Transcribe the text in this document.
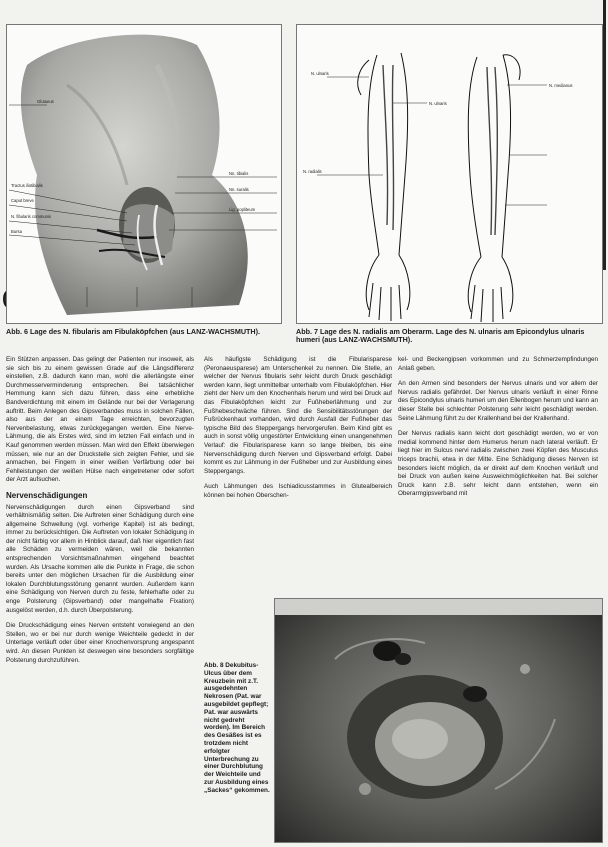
Glutaeus
Tractus iliotibialis
Caput breve
N. fibularis communis
Bursa
Nn. tibialis
Nn. suralis
Lig. popliteum
Abb. 6 Lage des N. fibularis am Fibulaköpfchen (aus LANZ-WACHSMUTH).
N. ulnaris
N. ulnaris
N. radialis
N. medianus
Abb. 7 Lage des N. radialis am Oberarm. Lage des N. ulnaris am Epicondylus ulnaris humeri (aus LANZ-WACHSMUTH).

Ein Stützen anpassen. Das gelingt der Patienten nur insoweit, als sie sich bis zu einem gewissen Grade auf die Längsdifferenz einstellen, z.B. dadurch kann man, wohl die allerlängste einer Durchmesserverminderung entsprechen. Bei tatsächlicher Hemmung kann sich dazu führen, dass eine erhebliche Bandverdichtung mit einem im Gelände nur bei der Verlagerung auftritt. Beim Anlegen des Gipsverbandes muss in solchen Fällen, also aus der an einem Tage erreichten, bevorzugten Nervenbelastung, etwas zurückgegangen werden. Eine Nerve-Lähmung, die als Erstes wird, sind im letzten Fall einfach und in Kauf genommen werden müssen. Man wird den Effekt überwiegen müssen, wie nur an der Druckstelle sich zeigten Fehler, und sie anmachen, bei Fingern in einer weißen Verfärbung oder bei Fehlleistungen der weißen Hülse nach eingetretener oder sofort der Arzt aufsuchen.

Nervenschädigungen

Nervenschädigungen durch einen Gipsverband sind verhältnismäßig selten. Die Auftreten einer Schädigung durch eine allgemeine Schwellung (vgl. vorherige Kapitel) ist als bedingt, immer zu berücksichtigen. Die Auftreten von lokaler Schädigung in der nicht färbig vor allem in Hinblick darauf, daß hier eigentlich fast alle Schäden zu vermeiden wären, weil die bekannten entsprechenden Vorsichtsmaßnahmen eingehend beachtet wurden. Als Ursache kommen alle die Punkte in Frage, die schon bereits unter den möglichen Ursachen für die Ausbildung einer lokalen Durchblutungsstörung genannt wurden. Außerdem kann eine Schädigung von Nerven durch zu feste, fehlerhafte oder zu enge Polsterung (Gipsverband) oder mangelhafte Fixation) ausgelöst werden, d.h. durch Überpolsterung.

Die Druckschädigung eines Nerven entsteht vorwiegend an den Stellen, wo er bei nur durch wenige Weichteile gedeckt in der Unterlage verläuft oder über einer Knochenvorsprung angespannt wird. An diesen Punkten ist deswegen eine besonders sorgfältige Polsterung durchzuführen.

Als häufigste Schädigung ist die Fibularisparese (Peronaeusparese) am Unterschenkel zu nennen. Die Stelle, an welcher der Nervus fibularis sehr leicht durch Druck geschädigt werden kann, liegt unmittelbar unterhalb vom Fibulaköpfchen. Hier zieht der Nerv um den Knochenhals herum und wird bei Druck auf das Fibulaköpfchen leicht zur Fußheberlähmung und zur Fußhebeschwäche führen. Sind die Sensibilitätsstörungen der Fußrückenhaut vorhanden, wird durch Ausfall der Fußheber das typische Bild des Steppergangs hervorgerufen. Beim Kind gibt es auch in sonst völlig ungestörter Entwicklung einen unangenehmen Verlauf: die Fibularisparese kann so lange bleiben, bis eine Nervenschädigung durch Nerven und Gipsverband erfolgt. Dabei kommt es zur Lähmung in der Fußheber und zur Ausbildung eines Steppergangs.

Auch Lähmungen des Ischiadicusstammes in Glutealbereich können bei hohen Oberschen-

kel- und Beckengipsen vorkommen und zu Schmerzempfindungen Anlaß geben.

An den Armen sind besonders der Nervus ulnaris und vor allem der Nervus radialis gefährdet. Der Nervus ulnaris verläuft in einer Rinne des Epicondylus ulnaris humeri um den Ellenbogen herum und kann an dieser Stelle bei schlechter Polsterung sehr leicht geschädigt werden. Seine Lähmung führt zu der Krallenhand bei der Krallenhand.

Der Nervus radialis kann leicht dort geschädigt werden, wo er von medial kommend hinter dem Humerus herum nach lateral verläuft. Er liegt hier im Sulcus nervi radialis zwischen zwei Köpfen des Musculus triceps brachii, etwa in der Mitte. Eine Schädigung dieses Nerven ist besonders leicht möglich, da er direkt auf dem Knochen verläuft und bei Druck von außen keine Ausweichmöglichkeiten hat. Bei solcher Druck kann z.B. sehr leicht dann entstehen, wenn ein Oberarmgipsverband mit

Abb. 8 Dekubitus-Ulcus über dem Kreuzbein mit z.T. ausgedehnten Nekrosen (Pat. war ausgebildet gepflegt; Pat. war auswärts nicht gedreht worden). Im Bereich des Gesäßes ist es trotzdem nicht erfolgter Unterbrechung zu einer Durchblutung der Weichteile und zur Ausbildung eines „Sackes“ gekommen.
